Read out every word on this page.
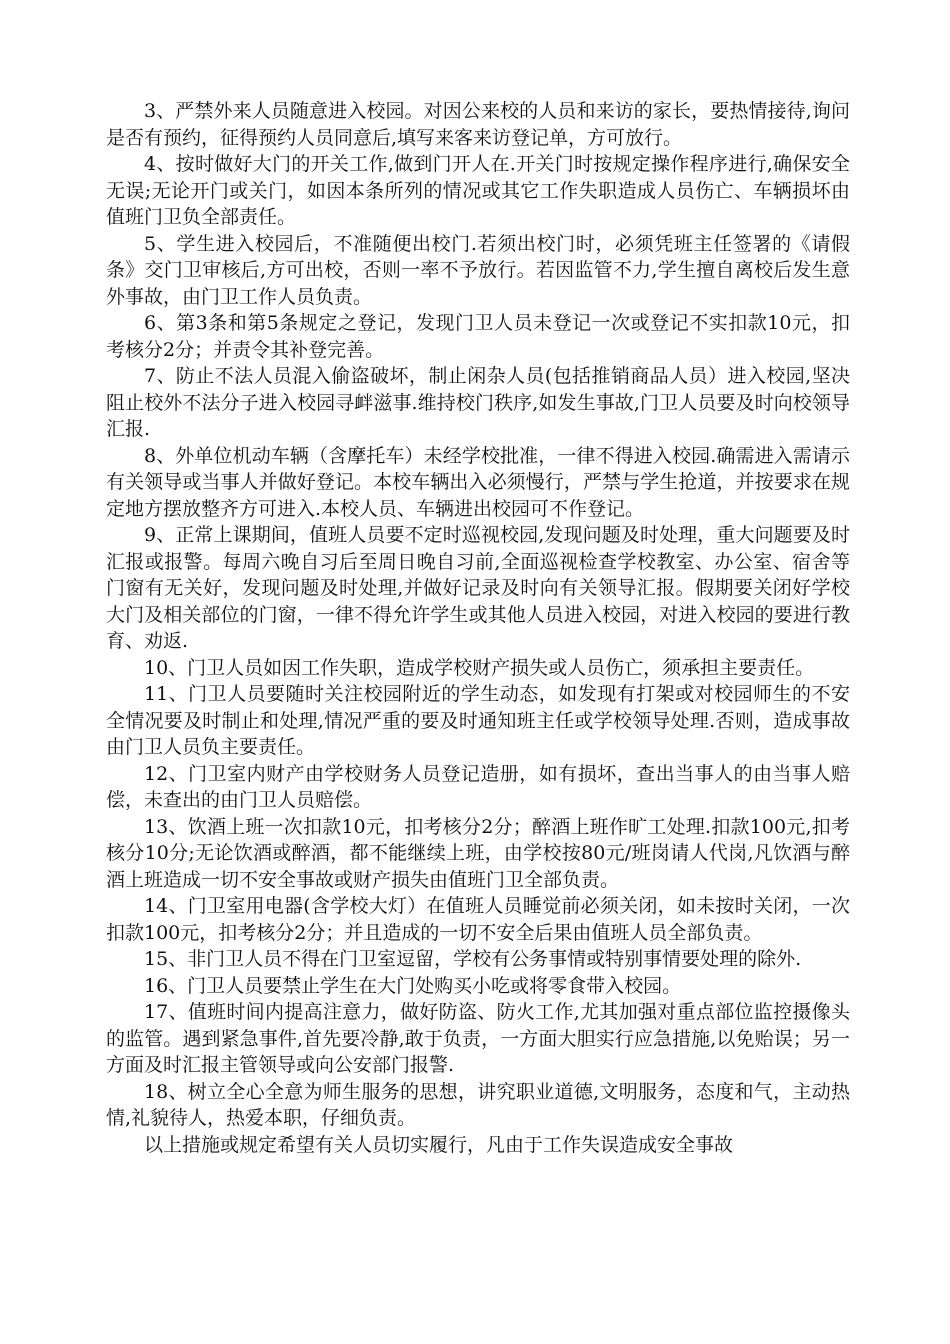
3、严禁外来人员随意进入校园。对因公来校的人员和来访的家长，要热情接待,询问是否有预约，征得预约人员同意后,填写来客来访登记单，方可放行。

4、按时做好大门的开关工作,做到门开人在.开关门时按规定操作程序进行,确保安全无误;无论开门或关门，如因本条所列的情况或其它工作失职造成人员伤亡、车辆损坏由值班门卫负全部责任。

5、学生进入校园后，不准随便出校门.若须出校门时，必须凭班主任签署的《请假条》交门卫审核后,方可出校，否则一率不予放行。若因监管不力,学生擅自离校后发生意外事故，由门卫工作人员负责。

6、第3条和第5条规定之登记，发现门卫人员未登记一次或登记不实扣款10元，扣考核分2分；并责令其补登完善。

7、防止不法人员混入偷盗破坏，制止闲杂人员(包括推销商品人员）进入校园,坚决阻止校外不法分子进入校园寻衅滋事.维持校门秩序,如发生事故,门卫人员要及时向校领导汇报.

8、外单位机动车辆（含摩托车）未经学校批准，一律不得进入校园.确需进入需请示有关领导或当事人并做好登记。本校车辆出入必须慢行，严禁与学生抢道，并按要求在规定地方摆放整齐方可进入.本校人员、车辆进出校园可不作登记。

9、正常上课期间，值班人员要不定时巡视校园,发现问题及时处理，重大问题要及时汇报或报警。每周六晚自习后至周日晚自习前,全面巡视检查学校教室、办公室、宿舍等门窗有无关好，发现问题及时处理,并做好记录及时向有关领导汇报。假期要关闭好学校大门及相关部位的门窗，一律不得允许学生或其他人员进入校园，对进入校园的要进行教育、劝返.

10、门卫人员如因工作失职，造成学校财产损失或人员伤亡，须承担主要责任。

11、门卫人员要随时关注校园附近的学生动态，如发现有打架或对校园师生的不安全情况要及时制止和处理,情况严重的要及时通知班主任或学校领导处理.否则，造成事故由门卫人员负主要责任。

12、门卫室内财产由学校财务人员登记造册，如有损坏，查出当事人的由当事人赔偿，未查出的由门卫人员赔偿。

13、饮酒上班一次扣款10元，扣考核分2分；醉酒上班作旷工处理.扣款100元,扣考核分10分;无论饮酒或醉酒，都不能继续上班，由学校按80元/班岗请人代岗,凡饮酒与醉酒上班造成一切不安全事故或财产损失由值班门卫全部负责。

14、门卫室用电器(含学校大灯）在值班人员睡觉前必须关闭，如未按时关闭，一次扣款100元，扣考核分2分；并且造成的一切不安全后果由值班人员全部负责。

15、非门卫人员不得在门卫室逗留，学校有公务事情或特别事情要处理的除外.

16、门卫人员要禁止学生在大门处购买小吃或将零食带入校园。

17、值班时间内提高注意力，做好防盗、防火工作,尤其加强对重点部位监控摄像头的监管。遇到紧急事件,首先要冷静,敢于负责，一方面大胆实行应急措施,以免贻误；另一方面及时汇报主管领导或向公安部门报警.

18、树立全心全意为师生服务的思想，讲究职业道德,文明服务，态度和气，主动热情,礼貌待人，热爱本职，仔细负责。

以上措施或规定希望有关人员切实履行，凡由于工作失误造成安全事故
